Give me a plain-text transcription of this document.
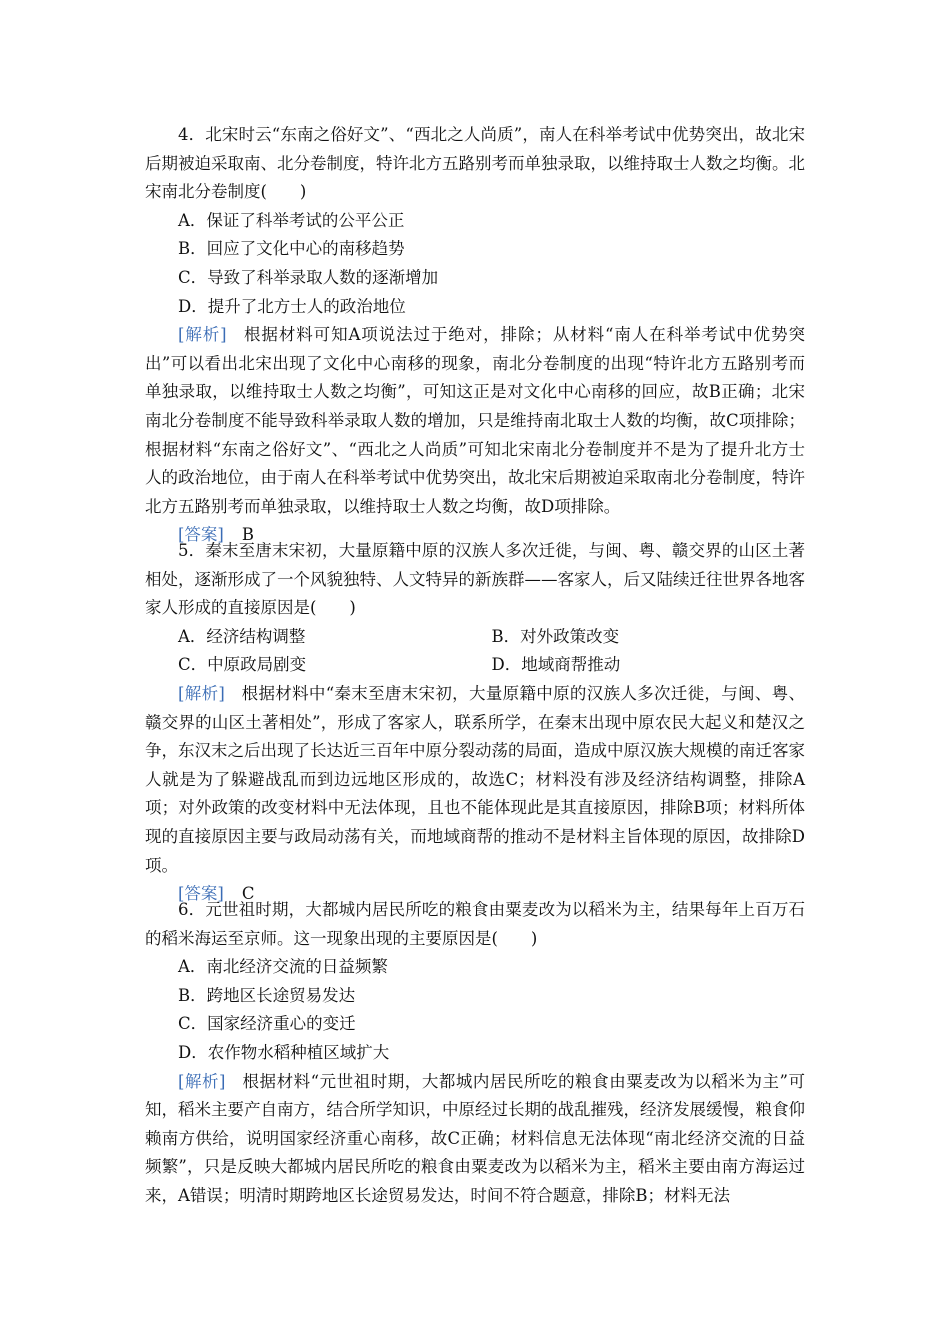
4．北宋时云“东南之俗好文”、“西北之人尚质”，南人在科举考试中优势突出，故北宋后期被迫采取南、北分卷制度，特许北方五路别考而单独录取，以维持取士人数之均衡。北宋南北分卷制度(　　)

A．保证了科举考试的公平公正

B．回应了文化中心的南移趋势

C．导致了科举录取人数的逐渐增加

D．提升了北方士人的政治地位

[解析]  根据材料可知A项说法过于绝对，排除；从材料“南人在科举考试中优势突出”可以看出北宋出现了文化中心南移的现象，南北分卷制度的出现“特许北方五路别考而单独录取，以维持取士人数之均衡”，可知这正是对文化中心南移的回应，故B正确；北宋南北分卷制度不能导致科举录取人数的增加，只是维持南北取士人数的均衡，故C项排除；根据材料“东南之俗好文”、“西北之人尚质”可知北宋南北分卷制度并不是为了提升北方士人的政治地位，由于南人在科举考试中优势突出，故北宋后期被迫采取南北分卷制度，特许北方五路别考而单独录取，以维持取士人数之均衡，故D项排除。

[答案] B

5．秦末至唐末宋初，大量原籍中原的汉族人多次迁徙，与闽、粤、赣交界的山区土著相处，逐渐形成了一个风貌独特、人文特异的新族群——客家人，后又陆续迁往世界各地客家人形成的直接原因是(　　)

A．经济结构调整	B．对外政策改变
C．中原政局剧变	D．地域商帮推动

[解析]  根据材料中“秦末至唐末宋初，大量原籍中原的汉族人多次迁徙，与闽、粤、赣交界的山区土著相处”，形成了客家人，联系所学，在秦末出现中原农民大起义和楚汉之争，东汉末之后出现了长达近三百年中原分裂动荡的局面，造成中原汉族大规模的南迁客家人就是为了躲避战乱而到边远地区形成的，故选C；材料没有涉及经济结构调整，排除A项；对外政策的改变材料中无法体现，且也不能体现此是其直接原因，排除B项；材料所体现的直接原因主要与政局动荡有关，而地域商帮的推动不是材料主旨体现的原因，故排除D项。

[答案] C

6．元世祖时期，大都城内居民所吃的粮食由粟麦改为以稻米为主，结果每年上百万石的稻米海运至京师。这一现象出现的主要原因是(　　)

A．南北经济交流的日益频繁

B．跨地区长途贸易发达

C．国家经济重心的变迁

D．农作物水稻种植区域扩大

[解析]  根据材料“元世祖时期，大都城内居民所吃的粮食由粟麦改为以稻米为主”可知，稻米主要产自南方，结合所学知识，中原经过长期的战乱摧残，经济发展缓慢，粮食仰赖南方供给，说明国家经济重心南移，故C正确；材料信息无法体现“南北经济交流的日益频繁”，只是反映大都城内居民所吃的粮食由粟麦改为以稻米为主，稻米主要由南方海运过来，A错误；明清时期跨地区长途贸易发达，时间不符合题意，排除B；材料无法
